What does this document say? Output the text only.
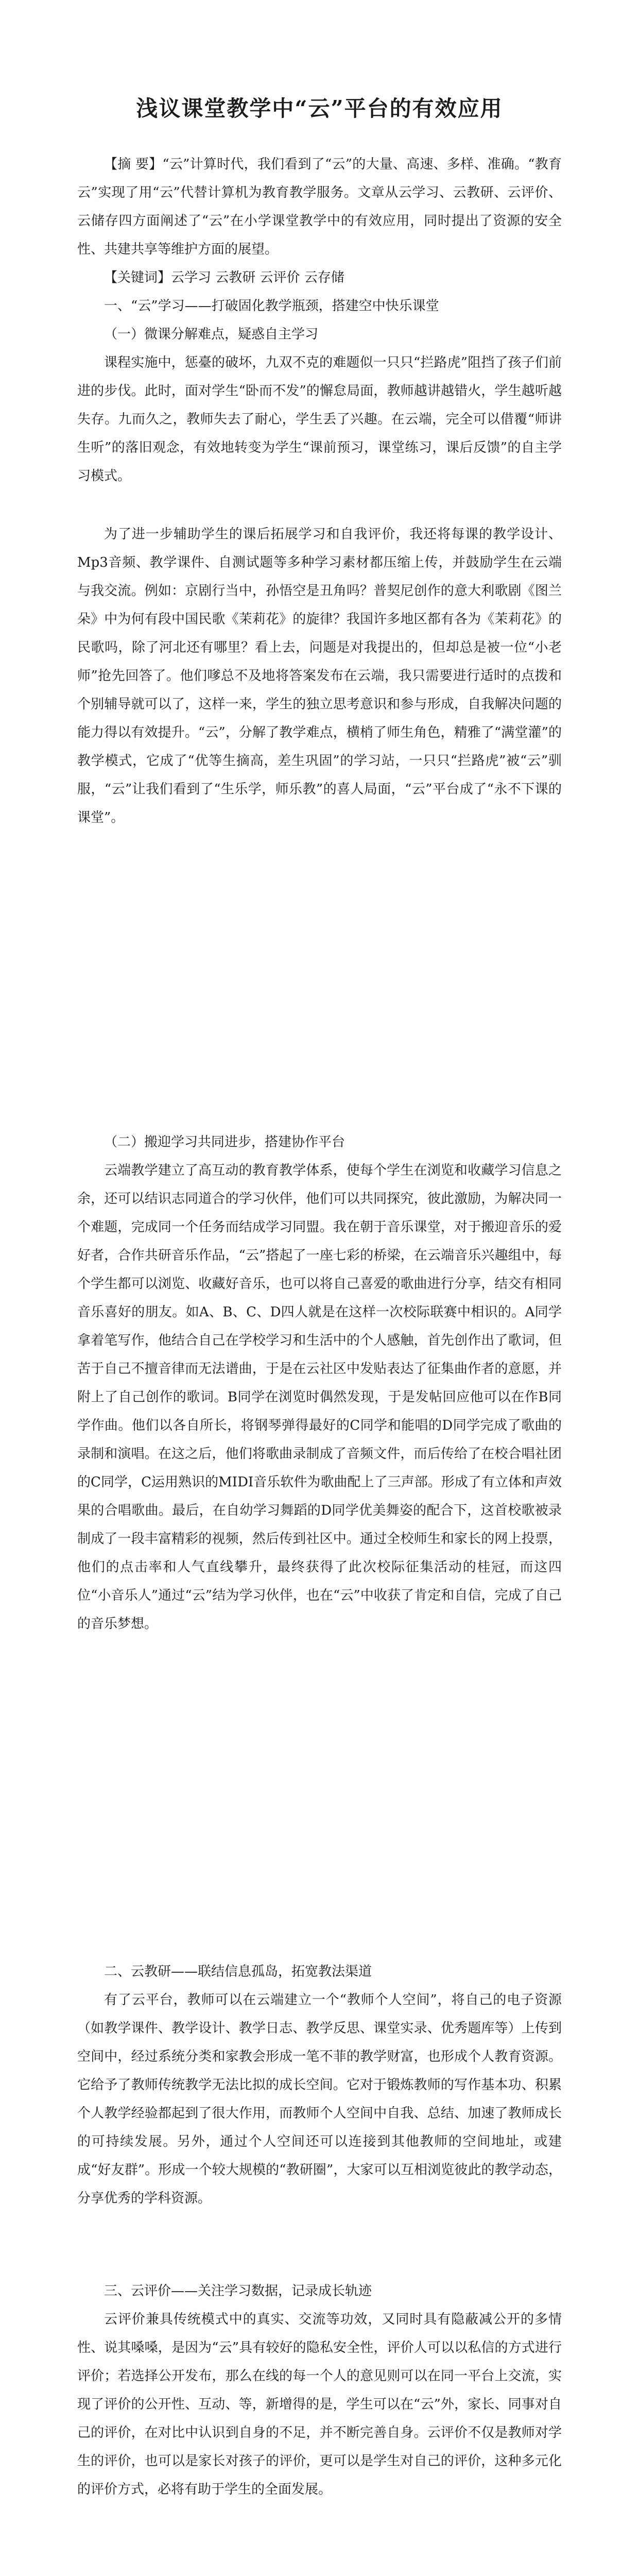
浅议课堂教学中“云”平台的有效应用

【摘 要】“云”计算时代，我们看到了“云”的大量、高速、多样、准确。“教育云”实现了用“云”代替计算机为教育教学服务。文章从云学习、云教研、云评价、云储存四方面阐述了“云”在小学课堂教学中的有效应用，同时提出了资源的安全性、共建共享等维护方面的展望。

【关键词】云学习 云教研 云评价 云存储

一、“云”学习——打破固化教学瓶颈，搭建空中快乐课堂

（一）微课分解难点，疑惑自主学习

课程实施中，惩臺的破坏，九双不克的难题似一只只“拦路虎”阻挡了孩子们前进的步伐。此时，面对学生“卧而不发”的懈怠局面，教师越讲越错火，学生越听越失存。九而久之，教师失去了耐心，学生丢了兴趣。在云端，完全可以借覆“师讲生听”的落旧观念，有效地转变为学生“课前预习，课堂练习，课后反馈”的自主学习模式。

为了进一步辅助学生的课后拓展学习和自我评价，我还将每课的教学设计、Mp3音频、教学课件、自测试题等多种学习素材都压缩上传，并鼓励学生在云端与我交流。例如：京剧行当中，孙悟空是丑角吗？普契尼创作的意大利歌剧《图兰朵》中为何有段中国民歌《茉莉花》的旋律？我国许多地区都有各为《茉莉花》的民歌吗，除了河北还有哪里？看上去，问题是对我提出的，但却总是被一位“小老师”抢先回答了。他们嗲总不及地将答案发布在云端，我只需要进行适时的点拨和个别辅导就可以了，这样一来，学生的独立思考意识和参与形成，自我解决问题的能力得以有效提升。“云”，分解了教学难点，横梢了师生角色，精雅了“满堂灌”的教学模式，它成了“优等生摘高，差生巩固”的学习站，一只只“拦路虎”被“云”驯服，“云”让我们看到了“生乐学，师乐教”的喜人局面，“云”平台成了“永不下课的课堂”。

（二）搬迎学习共同进步，搭建协作平台

云端教学建立了高互动的教育教学体系，使每个学生在浏览和收藏学习信息之余，还可以结识志同道合的学习伙伴，他们可以共同探究，彼此激励，为解决同一个难题，完成同一个任务而结成学习同盟。我在朝于音乐课堂，对于搬迎音乐的爱好者，合作共研音乐作品，“云”搭起了一座七彩的桥梁，在云端音乐兴趣组中，每个学生都可以浏览、收藏好音乐，也可以将自己喜爱的歌曲进行分享，结交有相同音乐喜好的朋友。如A、B、C、D四人就是在这样一次校际联赛中相识的。A同学拿着笔写作，他结合自己在学校学习和生活中的个人感触，首先创作出了歌词，但苦于自己不擅音律而无法谱曲，于是在云社区中发贴表达了征集曲作者的意愿，并附上了自己创作的歌词。B同学在浏览时偶然发现，于是发帖回应他可以在作B同学作曲。他们以各自所长，将钢琴弹得最好的C同学和能唱的D同学完成了歌曲的录制和演唱。在这之后，他们将歌曲录制成了音频文件，而后传给了在校合唱社团的C同学，C运用熟识的MIDI音乐软件为歌曲配上了三声部。形成了有立体和声效果的合唱歌曲。最后，在自幼学习舞蹈的D同学优美舞姿的配合下，这首校歌被录制成了一段丰富精彩的视频，然后传到社区中。通过全校师生和家长的网上投票，他们的点击率和人气直线攀升，最终获得了此次校际征集活动的桂冠，而这四位“小音乐人”通过“云”结为学习伙伴，也在“云”中收获了肯定和自信，完成了自己的音乐梦想。

二、云教研——联结信息孤岛，拓宽教法渠道

有了云平台，教师可以在云端建立一个“教师个人空间”，将自己的电子资源（如教学课件、教学设计、教学日志、教学反思、课堂实录、优秀题库等）上传到空间中，经过系统分类和家教会形成一笔不菲的教学财富，也形成个人教育资源。它给予了教师传统教学无法比拟的成长空间。它对于锻炼教师的写作基本功、积累个人教学经验都起到了很大作用，而教师个人空间中自我、总结、加速了教师成长的可持续发展。另外，通过个人空间还可以连接到其他教师的空间地址，或建成“好友群”。形成一个较大规模的“教研圈”，大家可以互相浏览彼此的教学动态，分享优秀的学科资源。

三、云评价——关注学习数据，记录成长轨迹

云评价兼具传统模式中的真实、交流等功效，又同时具有隐蔽减公开的多情性、说其嗓嗓，是因为“云”具有较好的隐私安全性，评价人可以以私信的方式进行评价；若选择公开发布，那么在线的每一个人的意见则可以在同一平台上交流，实现了评价的公开性、互动、等，新增得的是，学生可以在“云”外，家长、同事对自己的评价，在对比中认识到自身的不足，并不断完善自身。云评价不仅是教师对学生的评价，也可以是家长对孩子的评价，更可以是学生对自己的评价，这种多元化的评价方式，必将有助于学生的全面发展。
